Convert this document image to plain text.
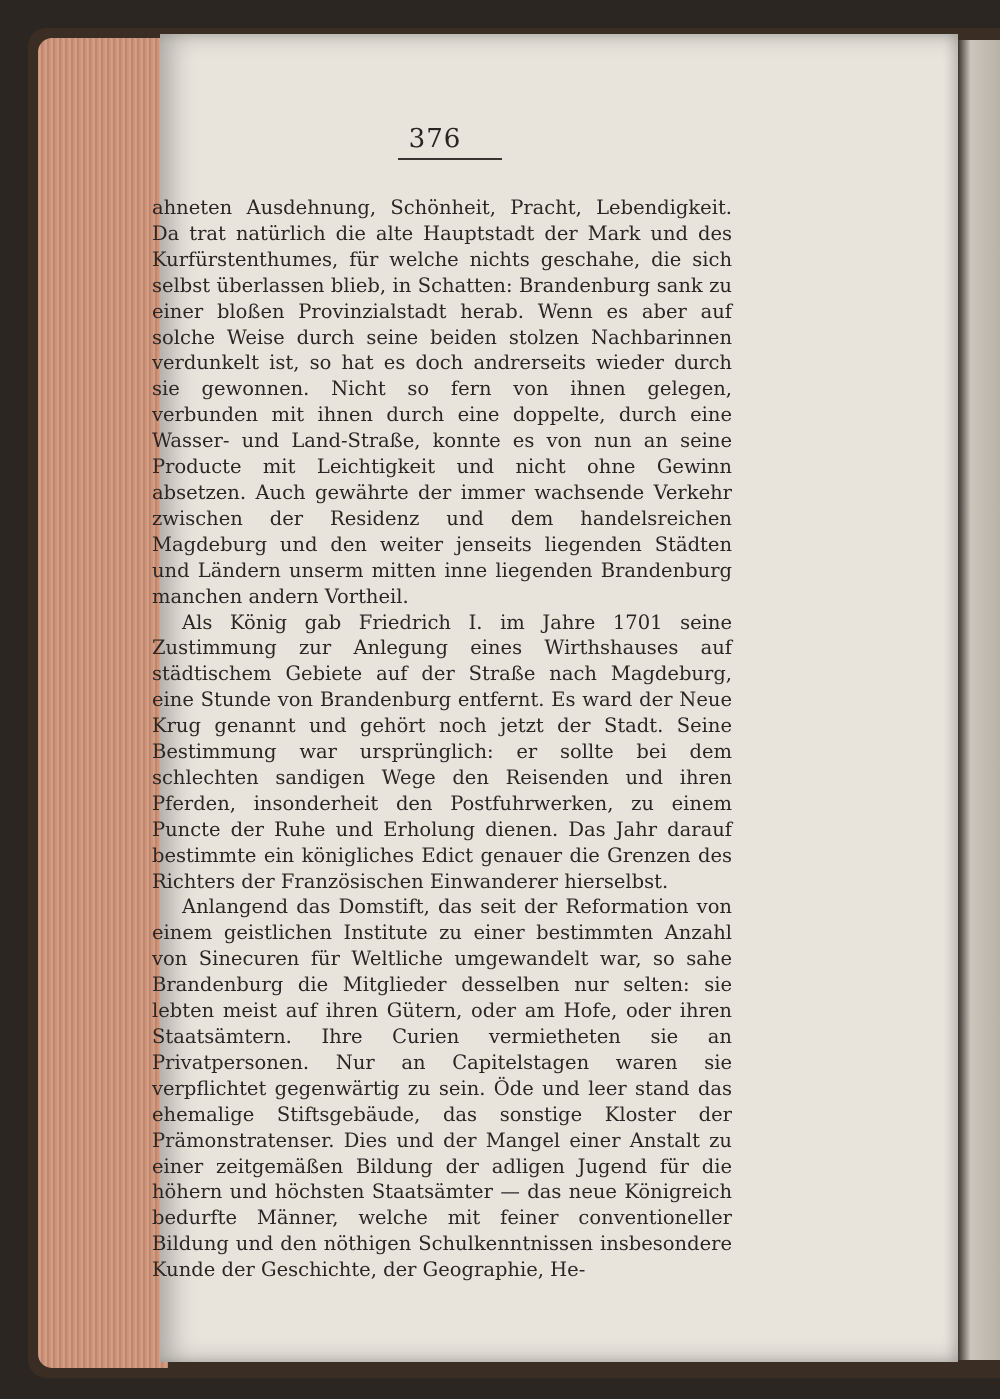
376

ahneten Ausdehnung, Schönheit, Pracht, Lebendigkeit. Da trat natürlich die alte Hauptstadt der Mark und des Kurfürstenthumes, für welche nichts geschahe, die sich selbst überlassen blieb, in Schatten: Brandenburg sank zu einer bloßen Provinzialstadt herab. Wenn es aber auf solche Weise durch seine beiden stolzen Nachbarinnen verdunkelt ist, so hat es doch andrerseits wieder durch sie gewonnen. Nicht so fern von ihnen gelegen, verbunden mit ihnen durch eine doppelte, durch eine Wasser- und Land-Straße, konnte es von nun an seine Producte mit Leichtigkeit und nicht ohne Gewinn absetzen. Auch gewährte der immer wachsende Verkehr zwischen der Residenz und dem handelsreichen Magdeburg und den weiter jenseits liegenden Städten und Ländern unserm mitten inne liegenden Brandenburg manchen andern Vortheil.

Als König gab Friedrich I. im Jahre 1701 seine Zustimmung zur Anlegung eines Wirthshauses auf städtischem Gebiete auf der Straße nach Magdeburg, eine Stunde von Brandenburg entfernt. Es ward der Neue Krug genannt und gehört noch jetzt der Stadt. Seine Bestimmung war ursprünglich: er sollte bei dem schlechten sandigen Wege den Reisenden und ihren Pferden, insonderheit den Postfuhrwerken, zu einem Puncte der Ruhe und Erholung dienen. Das Jahr darauf bestimmte ein königliches Edict genauer die Grenzen des Richters der Französischen Einwanderer hierselbst.

Anlangend das Domstift, das seit der Reformation von einem geistlichen Institute zu einer bestimmten Anzahl von Sinecuren für Weltliche umgewandelt war, so sahe Brandenburg die Mitglieder desselben nur selten: sie lebten meist auf ihren Gütern, oder am Hofe, oder ihren Staatsämtern. Ihre Curien vermietheten sie an Privatpersonen. Nur an Capitelstagen waren sie verpflichtet gegenwärtig zu sein. Öde und leer stand das ehemalige Stiftsgebäude, das sonstige Kloster der Prämonstratenser. Dies und der Mangel einer Anstalt zu einer zeitgemäßen Bildung der adligen Jugend für die höhern und höchsten Staatsämter — das neue Königreich bedurfte Männer, welche mit feiner conventioneller Bildung und den nöthigen Schulkenntnissen insbesondere Kunde der Geschichte, der Geographie, He-
